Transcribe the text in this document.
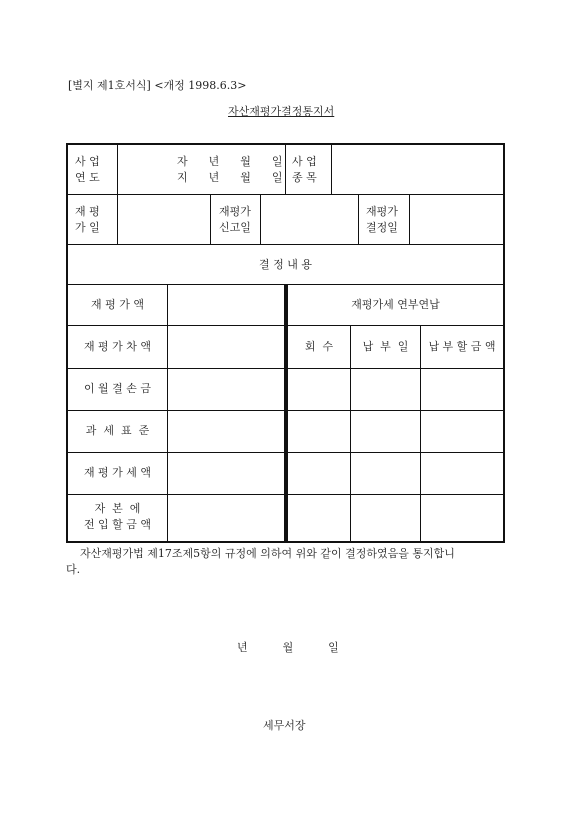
[별지 제1호서식] <개정 1998.6.3>
자산재평가결정통지서
사 업
연 도
자      년      월      일
지      년      월      일
사 업
종 목
재 평
가 일
재평가
신고일
재평가
결정일
결 정 내 용
재 평 가 액
재 평 가 차 액
이 월 결 손 금
과  세  표  준
재 평 가 세 액
자  본  에
전 입 할 금 액
재평가세 연부연납
회  수	납  부  일	납 부 할 금 액
자산재평가법 제17조제5항의 규정에 의하여 위와 같이 결정하였음을 통지합니
다.
년          월          일
세무서장
